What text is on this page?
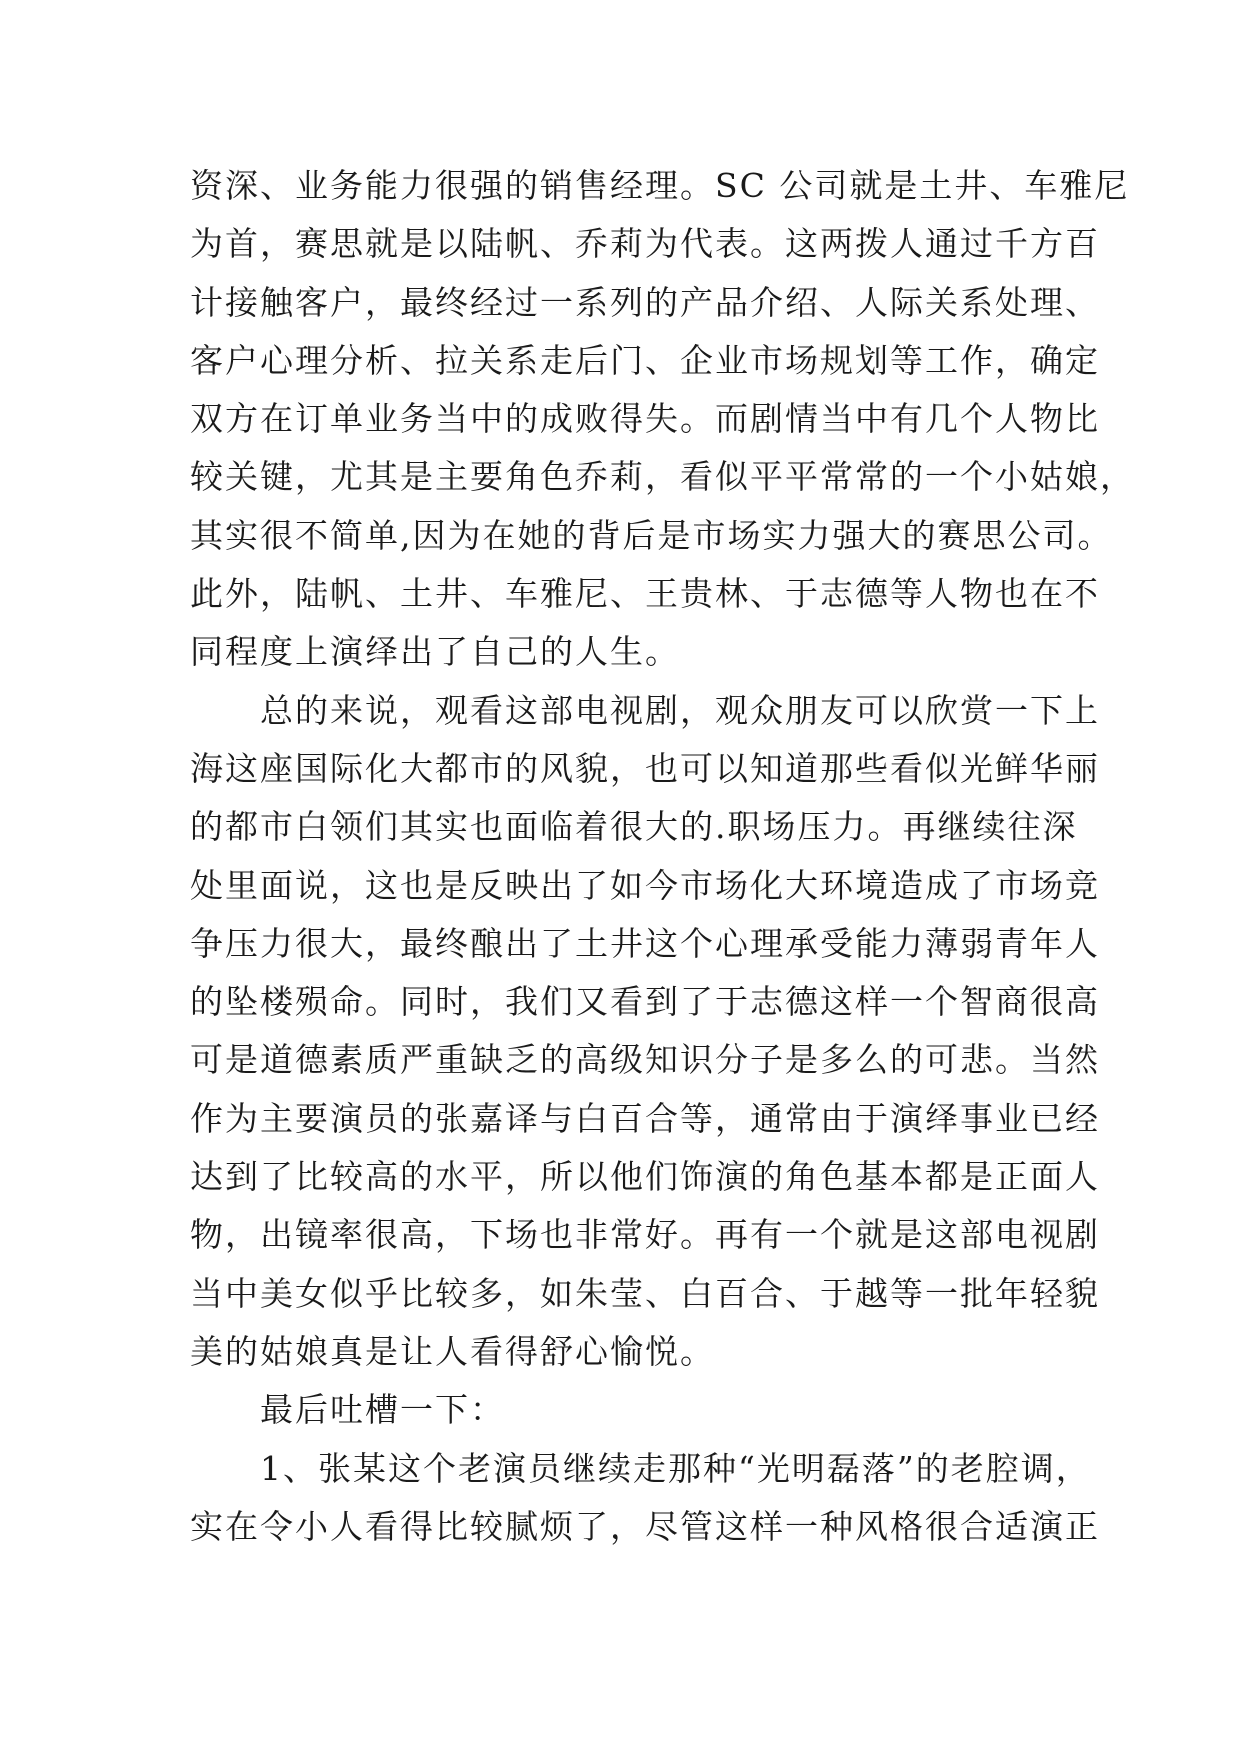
资深、业务能力很强的销售经理。SC 公司就是土井、车雅尼
为首，赛思就是以陆帆、乔莉为代表。这两拨人通过千方百
计接触客户，最终经过一系列的产品介绍、人际关系处理、
客户心理分析、拉关系走后门、企业市场规划等工作，确定
双方在订单业务当中的成败得失。而剧情当中有几个人物比
较关键，尤其是主要角色乔莉，看似平平常常的一个小姑娘，
其实很不简单,因为在她的背后是市场实力强大的赛思公司。
此外，陆帆、土井、车雅尼、王贵林、于志德等人物也在不
同程度上演绎出了自己的人生。
总的来说，观看这部电视剧，观众朋友可以欣赏一下上
海这座国际化大都市的风貌，也可以知道那些看似光鲜华丽
的都市白领们其实也面临着很大的.职场压力。再继续往深
处里面说，这也是反映出了如今市场化大环境造成了市场竞
争压力很大，最终酿出了土井这个心理承受能力薄弱青年人
的坠楼殒命。同时，我们又看到了于志德这样一个智商很高
可是道德素质严重缺乏的高级知识分子是多么的可悲。当然
作为主要演员的张嘉译与白百合等，通常由于演绎事业已经
达到了比较高的水平，所以他们饰演的角色基本都是正面人
物，出镜率很高，下场也非常好。再有一个就是这部电视剧
当中美女似乎比较多，如朱莹、白百合、于越等一批年轻貌
美的姑娘真是让人看得舒心愉悦。
最后吐槽一下：
1、张某这个老演员继续走那种“光明磊落”的老腔调，
实在令小人看得比较腻烦了，尽管这样一种风格很合适演正
